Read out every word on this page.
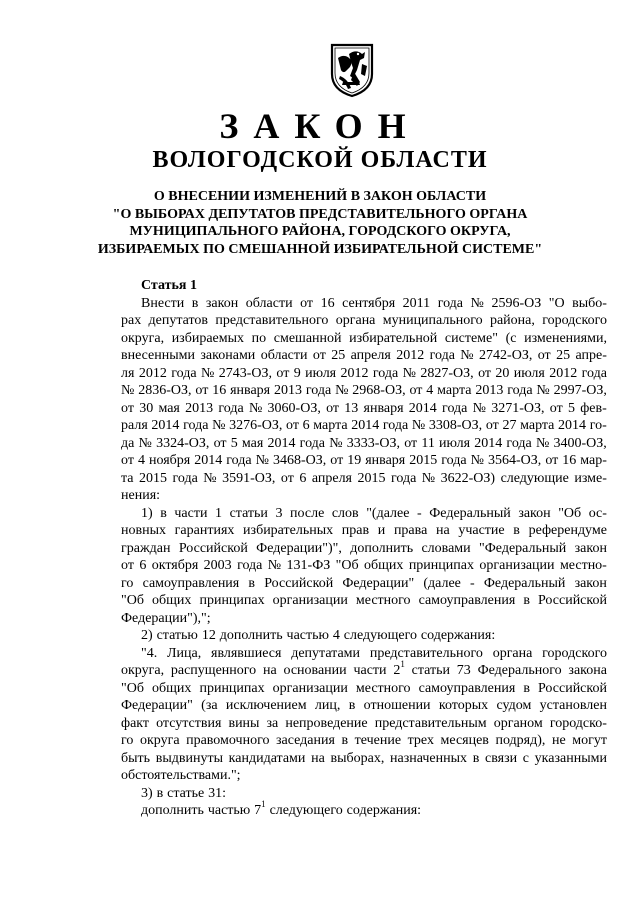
ЗАКОН
ВОЛОГОДСКОЙ ОБЛАСТИ
О ВНЕСЕНИИ ИЗМЕНЕНИЙ В ЗАКОН ОБЛАСТИ
"О ВЫБОРАХ ДЕПУТАТОВ ПРЕДСТАВИТЕЛЬНОГО ОРГАНА
МУНИЦИПАЛЬНОГО РАЙОНА, ГОРОДСКОГО ОКРУГА,
ИЗБИРАЕМЫХ ПО СМЕШАННОЙ ИЗБИРАТЕЛЬНОЙ СИСТЕМЕ"
Статья 1
Внести в закон области от 16 сентября 2011 года № 2596-ОЗ "О выбо-
рах депутатов представительного органа муниципального района, городского
округа, избираемых по смешанной избирательной системе" (с изменениями,
внесенными законами области от 25 апреля 2012 года № 2742-ОЗ, от 25 апре-
ля 2012 года № 2743-ОЗ, от 9 июля 2012 года № 2827-ОЗ, от 20 июля 2012 года
№ 2836-ОЗ, от 16 января 2013 года № 2968-ОЗ, от 4 марта 2013 года № 2997-ОЗ,
от 30 мая 2013 года № 3060-ОЗ, от 13 января 2014 года № 3271-ОЗ, от 5 фев-
раля 2014 года № 3276-ОЗ, от 6 марта 2014 года № 3308-ОЗ, от 27 марта 2014 го-
да № 3324-ОЗ, от 5 мая 2014 года № 3333-ОЗ, от 11 июля 2014 года № 3400-ОЗ,
от 4 ноября 2014 года № 3468-ОЗ, от 19 января 2015 года № 3564-ОЗ, от 16 мар-
та 2015 года № 3591-ОЗ, от 6 апреля 2015 года № 3622-ОЗ) следующие изме-
нения:
1) в части 1 статьи 3 после слов "(далее - Федеральный закон "Об ос-
новных гарантиях избирательных прав и права на участие в референдуме
граждан Российской Федерации")", дополнить словами "Федеральный закон
от 6 октября 2003 года № 131-ФЗ "Об общих принципах организации местно-
го самоуправления в Российской Федерации" (далее - Федеральный закон
"Об общих принципах организации местного самоуправления в Российской
Федерации"),";
2) статью 12 дополнить частью 4 следующего содержания:
"4. Лица, являвшиеся депутатами представительного органа городского
округа, распущенного на основании части $2^1$ статьи 73 Федерального закона
"Об общих принципах организации местного самоуправления в Российской
Федерации" (за исключением лиц, в отношении которых судом установлен
факт отсутствия вины за непроведение представительным органом городско-
го округа правомочного заседания в течение трех месяцев подряд), не могут
быть выдвинуты кандидатами на выборах, назначенных в связи с указанными
обстоятельствами.";
3) в статье 31:
дополнить частью $7^1$ следующего содержания:
